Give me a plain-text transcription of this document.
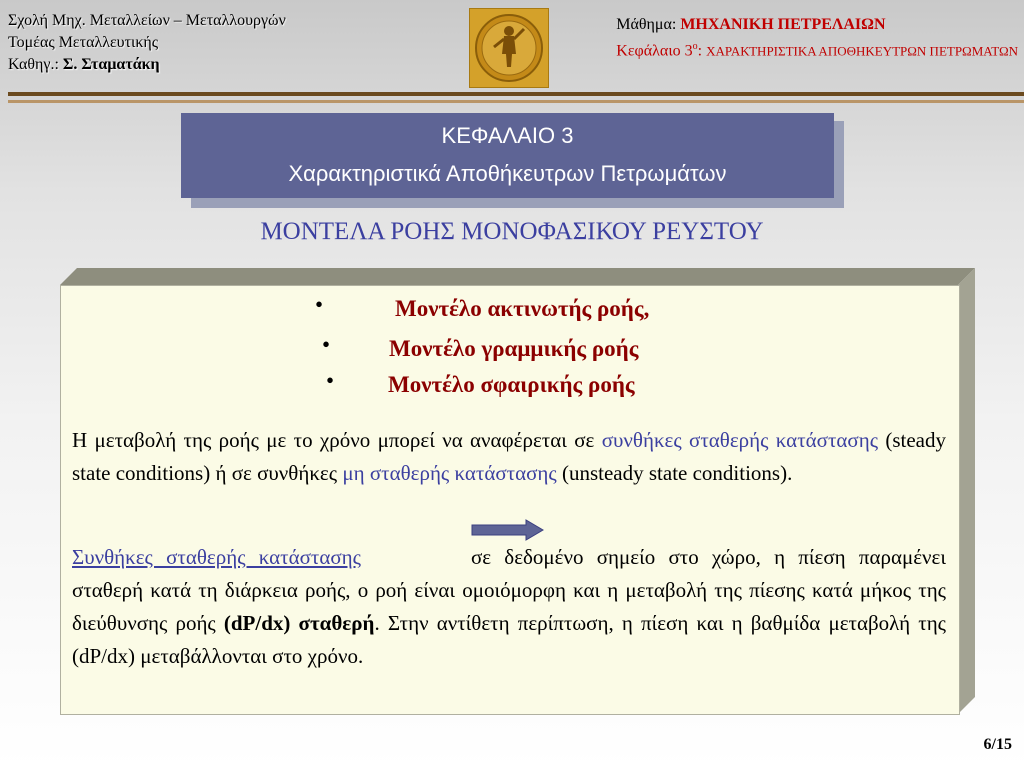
Σχολή Μηχ. Μεταλλείων – Μεταλλουργών
Τομέας Μεταλλευτικής
Καθηγ.: Σ. Σταματάκη
Μάθημα: ΜΗΧΑΝΙΚΗ ΠΕΤΡΕΛΑΙΩΝ
Κεφάλαιο $3^o$: ΧΑΡΑΚΤΗΡΙΣΤΙΚΑ ΑΠΟΘΗΚΕΥΤΡΩΝ ΠΕΤΡΩΜΑΤΩΝ
ΚΕΦΑΛΑΙΟ 3
Χαρακτηριστικά Αποθήκευτρων Πετρωμάτων
ΜΟΝΤΕΛΑ ΡΟΗΣ ΜΟΝΟΦΑΣΙΚΟΥ ΡΕΥΣΤΟΥ
•	Μοντέλο ακτινωτής ροής,
•	Μοντέλο γραμμικής ροής
• Μοντέλο σφαιρικής ροής
Η μεταβολή της ροής με το χρόνο μπορεί να αναφέρεται σε συνθήκες σταθερής κατάστασης (steady state conditions) ή σε συνθήκες μη σταθερής κατάστασης (unsteady state conditions).
Συνθήκες σταθερής κατάστασης	σε δεδομένο σημείο στο χώρο, η πίεση παραμένει σταθερή κατά τη διάρκεια ροής, ο ροή είναι ομοιόμορφη και η μεταβολή της πίεσης κατά μήκος της διεύθυνσης ροής (dP/dx) σταθερή. Στην αντίθετη περίπτωση, η πίεση και η βαθμίδα μεταβολή της (dP/dx) μεταβάλλονται στο χρόνο.
6/15
